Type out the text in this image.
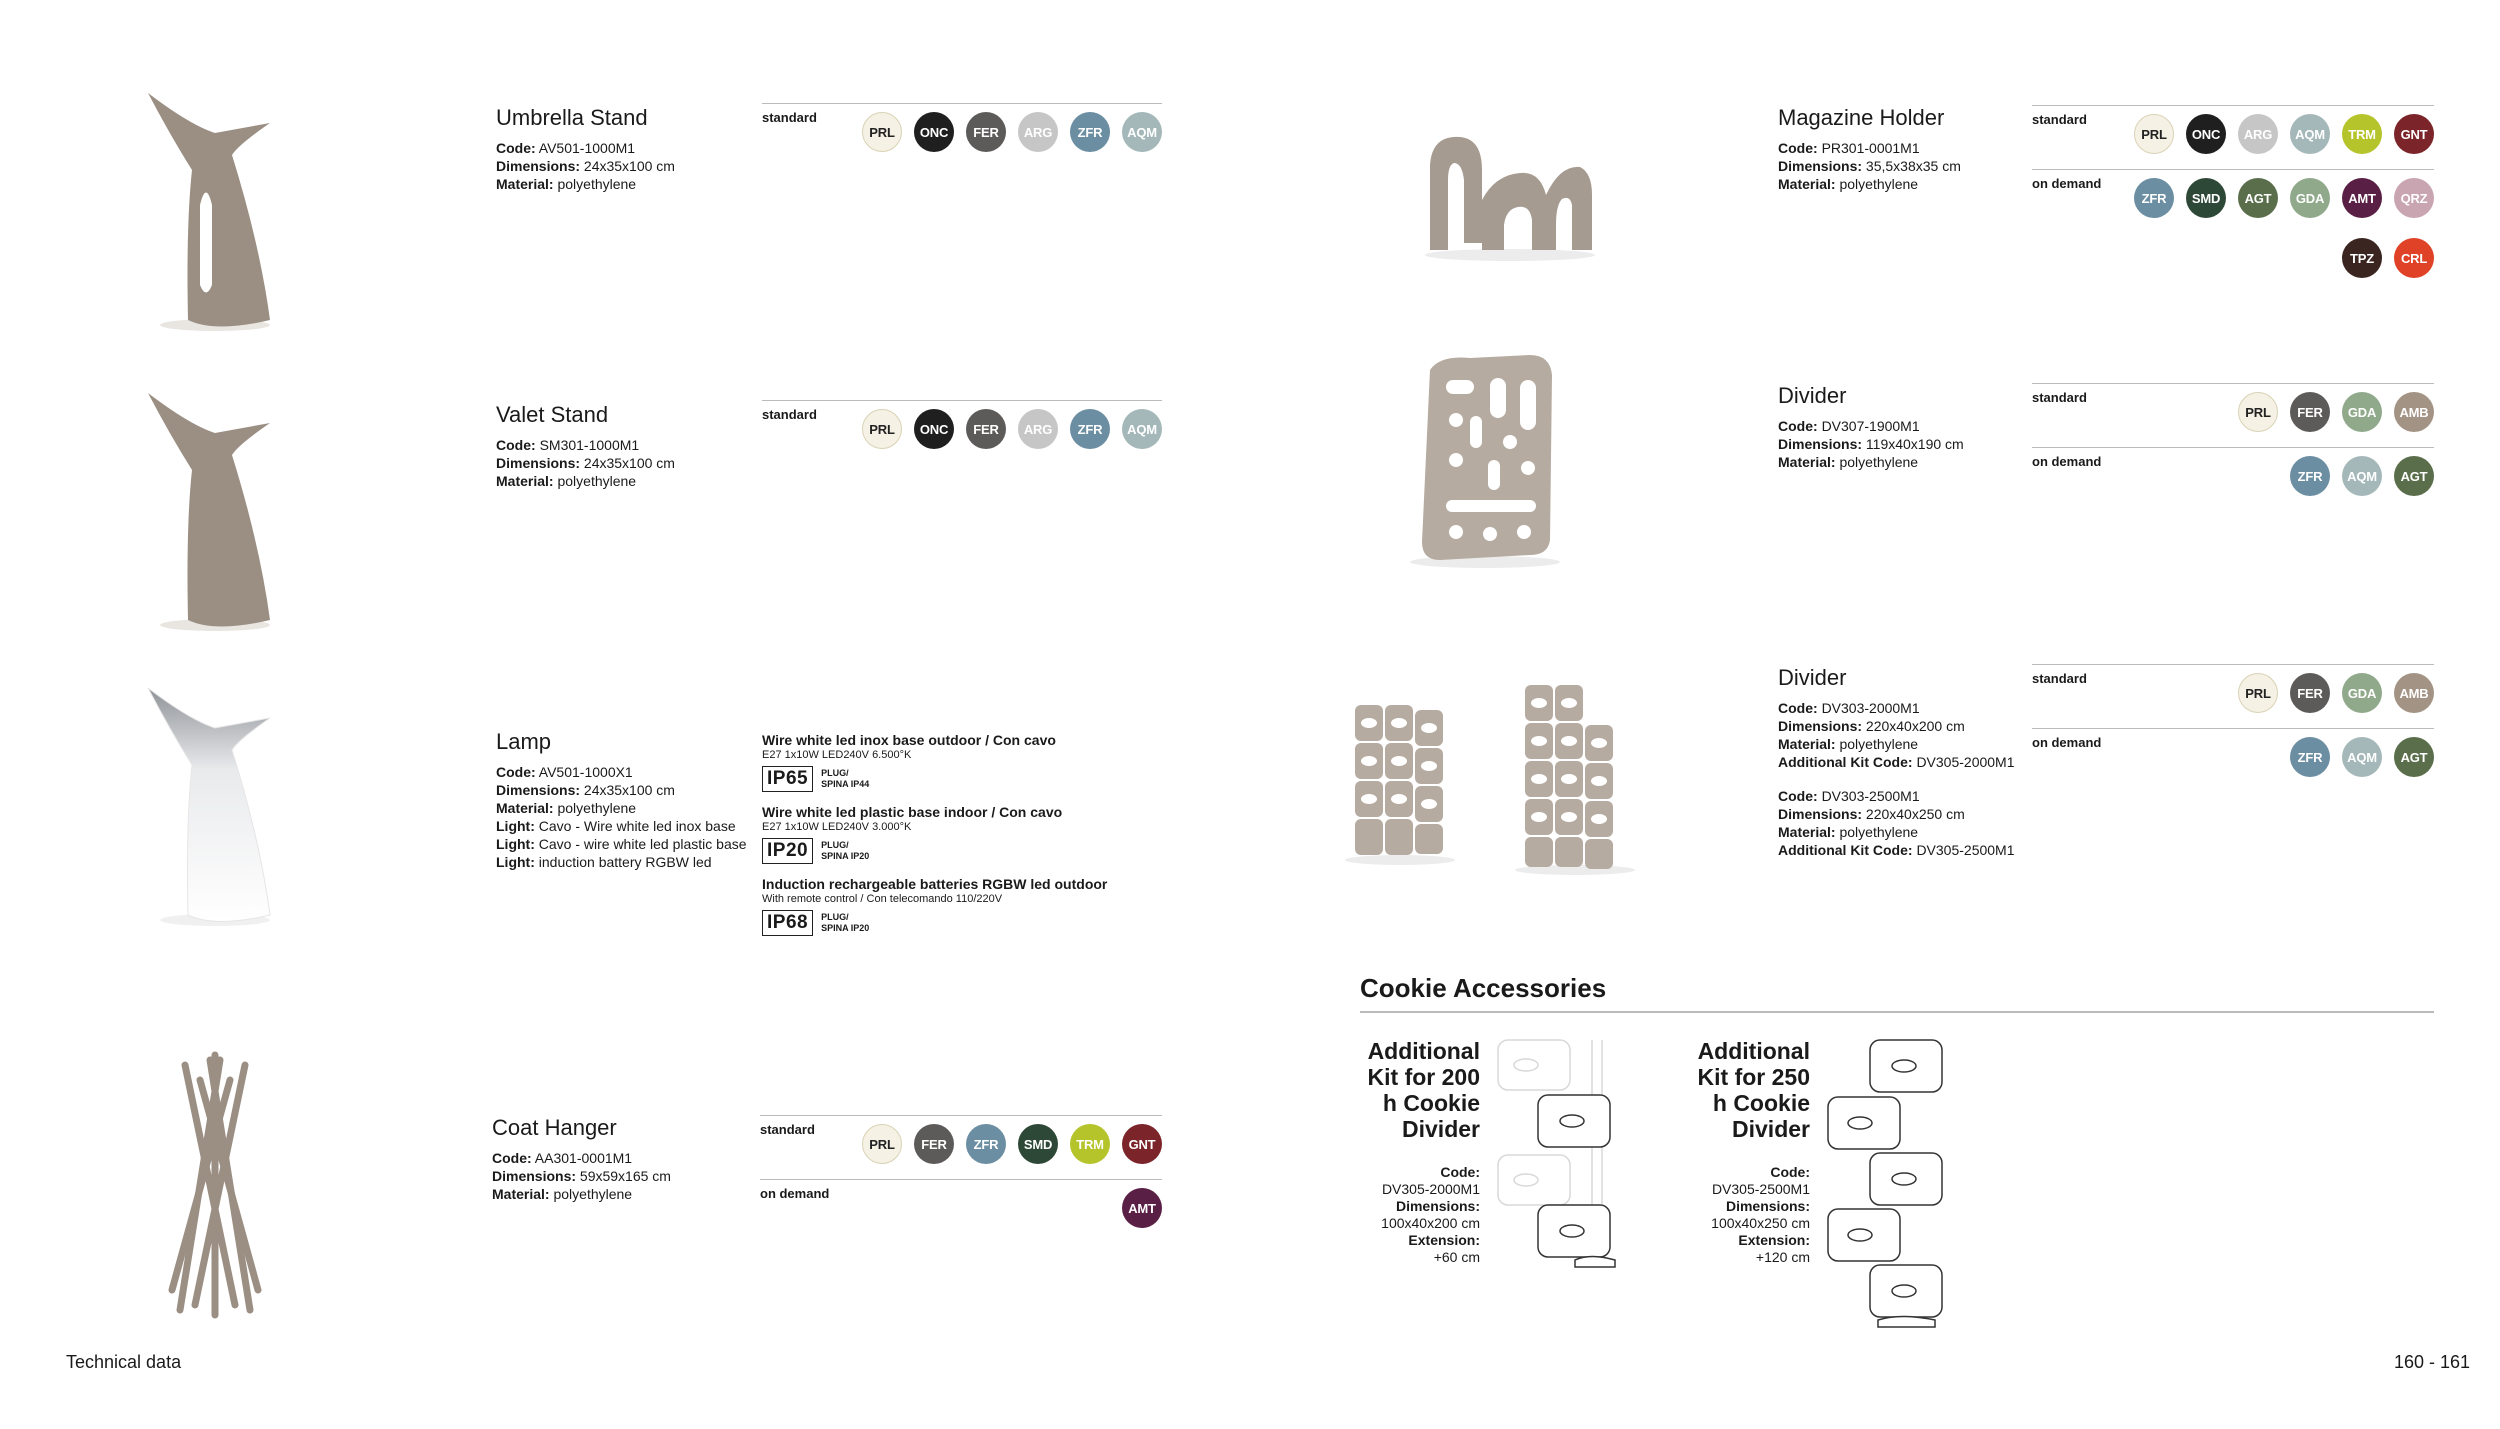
Umbrella Stand
Code: AV501-1000M1
Dimensions: 24x35x100 cm
Material: polyethylene
standard
AQM
ZFR
ARG
FER
ONC
PRL
Valet Stand
Code: SM301-1000M1
Dimensions: 24x35x100 cm
Material: polyethylene
standard
AQM
ZFR
ARG
FER
ONC
PRL
Lamp
Code: AV501-1000X1
Dimensions: 24x35x100 cm
Material: polyethylene
Light: Cavo - Wire white led inox base
Light: Cavo - wire white led plastic base
Light: induction battery RGBW led
Wire white led inox base outdoor / Con cavo
E27 1x10W LED240V 6.500°K
IP65	PLUG/
SPINA IP44
Wire white led plastic base indoor / Con cavo
E27 1x10W LED240V 3.000°K
IP20	PLUG/
SPINA IP20
Induction rechargeable batteries RGBW led outdoor
With remote control / Con telecomando 110/220V
IP68	PLUG/
SPINA IP20
Coat Hanger
Code: AA301-0001M1
Dimensions: 59x59x165 cm
Material: polyethylene
standard
GNT
TRM
SMD
ZFR
FER
PRL
on demand
AMT
Magazine Holder
Code: PR301-0001M1
Dimensions: 35,5x38x35 cm
Material: polyethylene
standard
GNT
TRM
AQM
ARG
ONC
PRL
on demand
QRZ
AMT
GDA
AGT
SMD
ZFR
CRL
TPZ
Divider
Code: DV307-1900M1
Dimensions: 119x40x190 cm
Material: polyethylene
standard
AMB
GDA
FER
PRL
on demand
AGT
AQM
ZFR
Divider
Code: DV303-2000M1
Dimensions: 220x40x200 cm
Material: polyethylene
Additional Kit Code: DV305-2000M1
Code: DV303-2500M1
Dimensions: 220x40x250 cm
Material: polyethylene
Additional Kit Code: DV305-2500M1
standard
AMB
GDA
FER
PRL
on demand
AGT
AQM
ZFR
Cookie Accessories
Additional Kit for 200 h Cookie Divider
Code:
DV305-2000M1
Dimensions:
100x40x200 cm
Extension:
+60 cm
Additional Kit for 250 h Cookie Divider
Code:
DV305-2500M1
Dimensions:
100x40x250 cm
Extension:
+120 cm
Technical data	160 - 161
